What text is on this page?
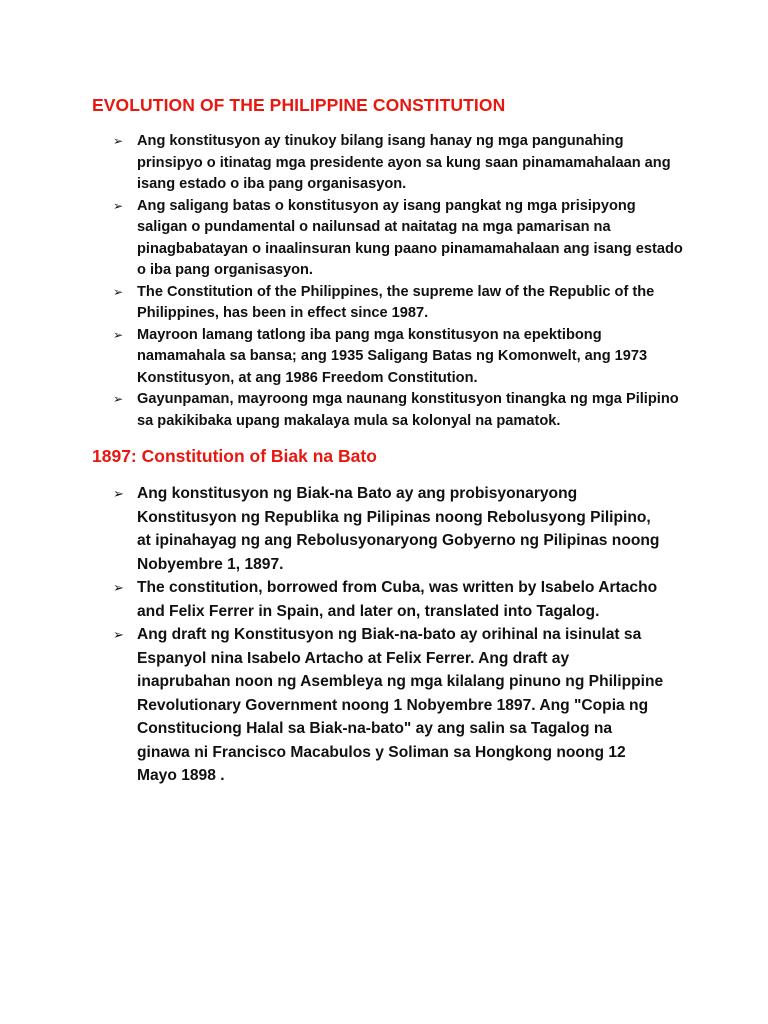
EVOLUTION OF THE PHILIPPINE CONSTITUTION
➢ Ang konstitusyon ay tinukoy bilang isang hanay ng mga pangunahing prinsipyo o itinatag mga presidente ayon sa kung saan pinamamahalaan ang isang estado o iba pang organisasyon.
➢ Ang saligang batas o konstitusyon ay isang pangkat ng mga prisipyong saligan o pundamental o nailunsad at naitatag na mga pamarisan na pinagbabatayan o inaalinsuran kung paano pinamamahalaan ang isang estado o iba pang organisasyon.
➢ The Constitution of the Philippines, the supreme law of the Republic of the Philippines, has been in effect since 1987.
➢ Mayroon lamang tatlong iba pang mga konstitusyon na epektibong namamahala sa bansa; ang 1935 Saligang Batas ng Komonwelt, ang 1973 Konstitusyon, at ang 1986 Freedom Constitution.
➢ Gayunpaman, mayroong mga naunang konstitusyon tinangka ng mga Pilipino sa pakikibaka upang makalaya mula sa kolonyal na pamatok.
1897: Constitution of Biak na Bato
➢ Ang konstitusyon ng Biak-na Bato ay ang probisyonaryong Konstitusyon ng Republika ng Pilipinas noong Rebolusyong Pilipino, at ipinahayag ng ang Rebolusyonaryong Gobyerno ng Pilipinas noong Nobyembre 1, 1897.
➢ The constitution, borrowed from Cuba, was written by Isabelo Artacho and Felix Ferrer in Spain, and later on, translated into Tagalog.
➢ Ang draft ng Konstitusyon ng Biak-na-bato ay orihinal na isinulat sa Espanyol nina Isabelo Artacho at Felix Ferrer. Ang draft ay inaprubahan noon ng Asembleya ng mga kilalang pinuno ng Philippine Revolutionary Government noong 1 Nobyembre 1897. Ang "Copia ng Constituciong Halal sa Biak-na-bato" ay ang salin sa Tagalog na ginawa ni Francisco Macabulos y Soliman sa Hongkong noong 12 Mayo 1898 .
